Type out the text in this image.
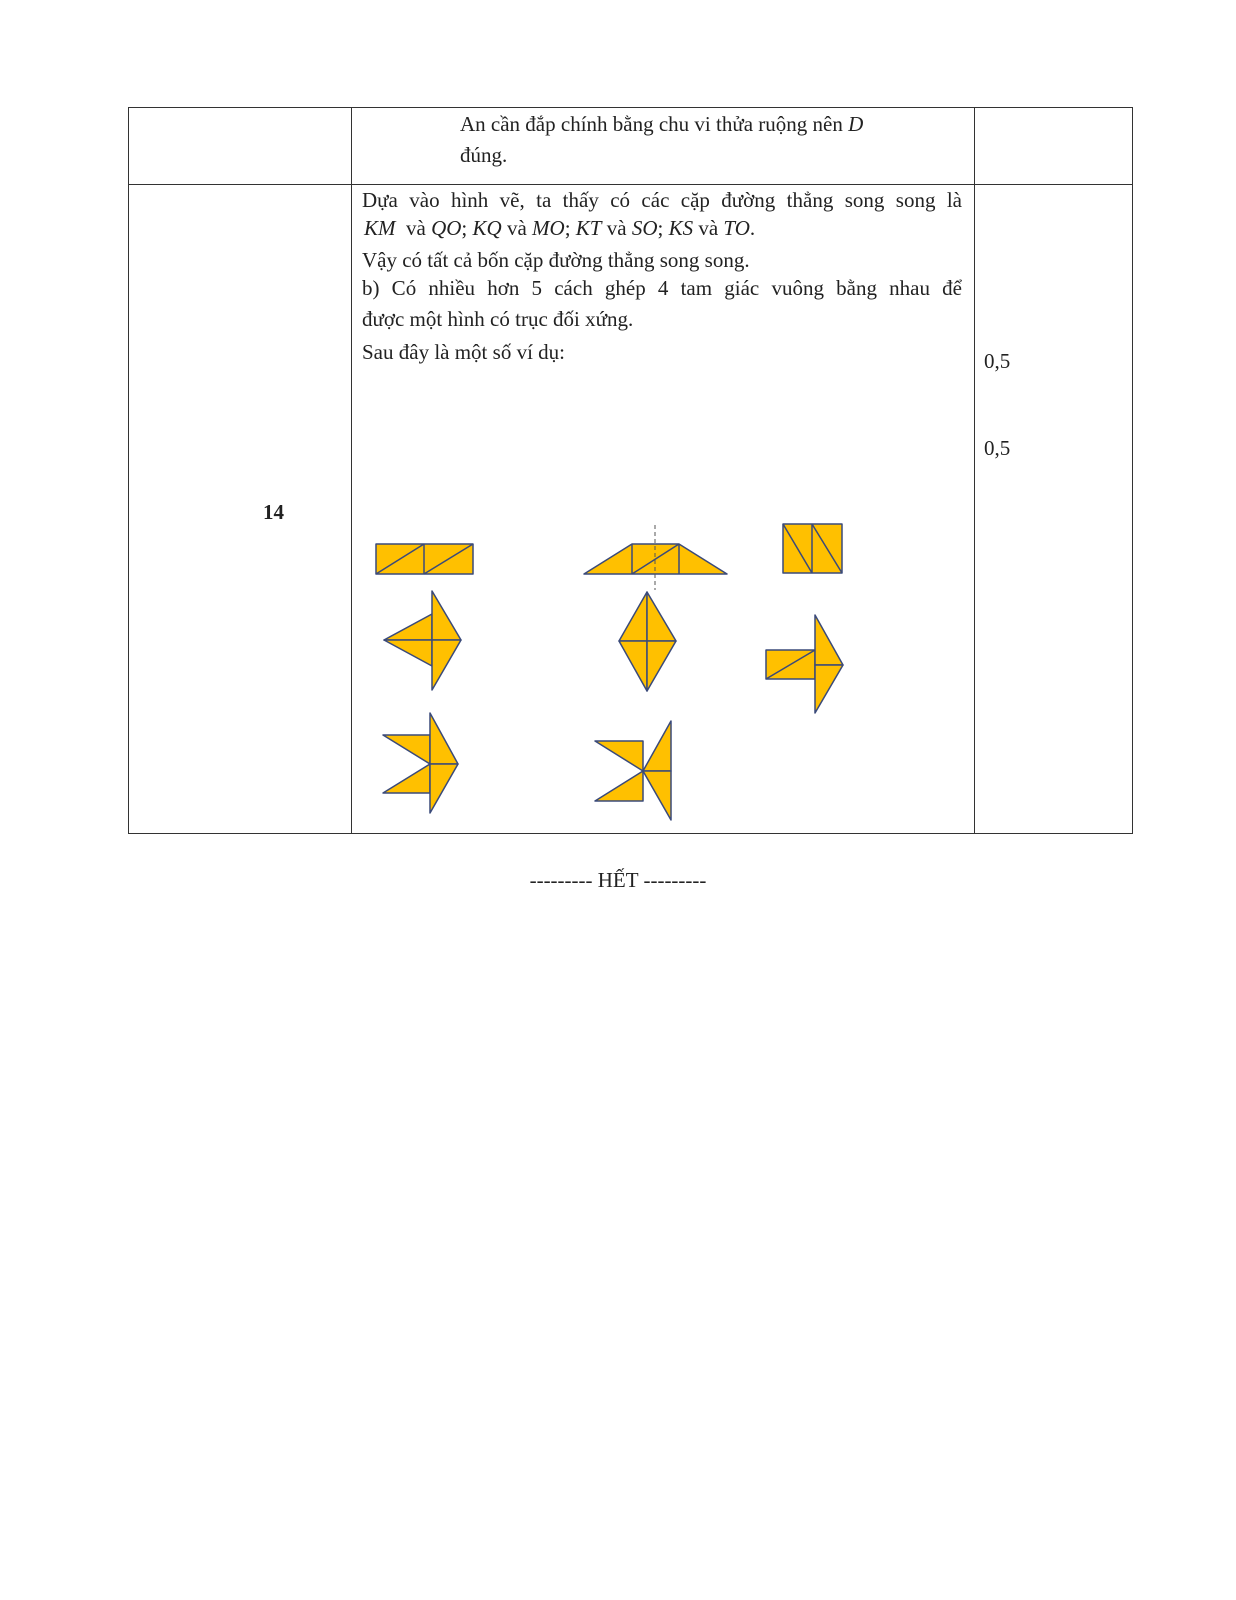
An cần đắp chính bằng chu vi thửa ruộng nên D
đúng.
14
Dựa vào hình vẽ, ta thấy có các cặp đường thẳng song song là
KM và QO; KQ và MO; KT và SO; KS và TO.
Vậy có tất cả bốn cặp đường thẳng song song.
b) Có nhiều hơn 5 cách ghép 4 tam giác vuông bằng nhau để
được một hình có trục đối xứng.
Sau đây là một số ví dụ:	0,5
0,5
--------- HẾT ---------
